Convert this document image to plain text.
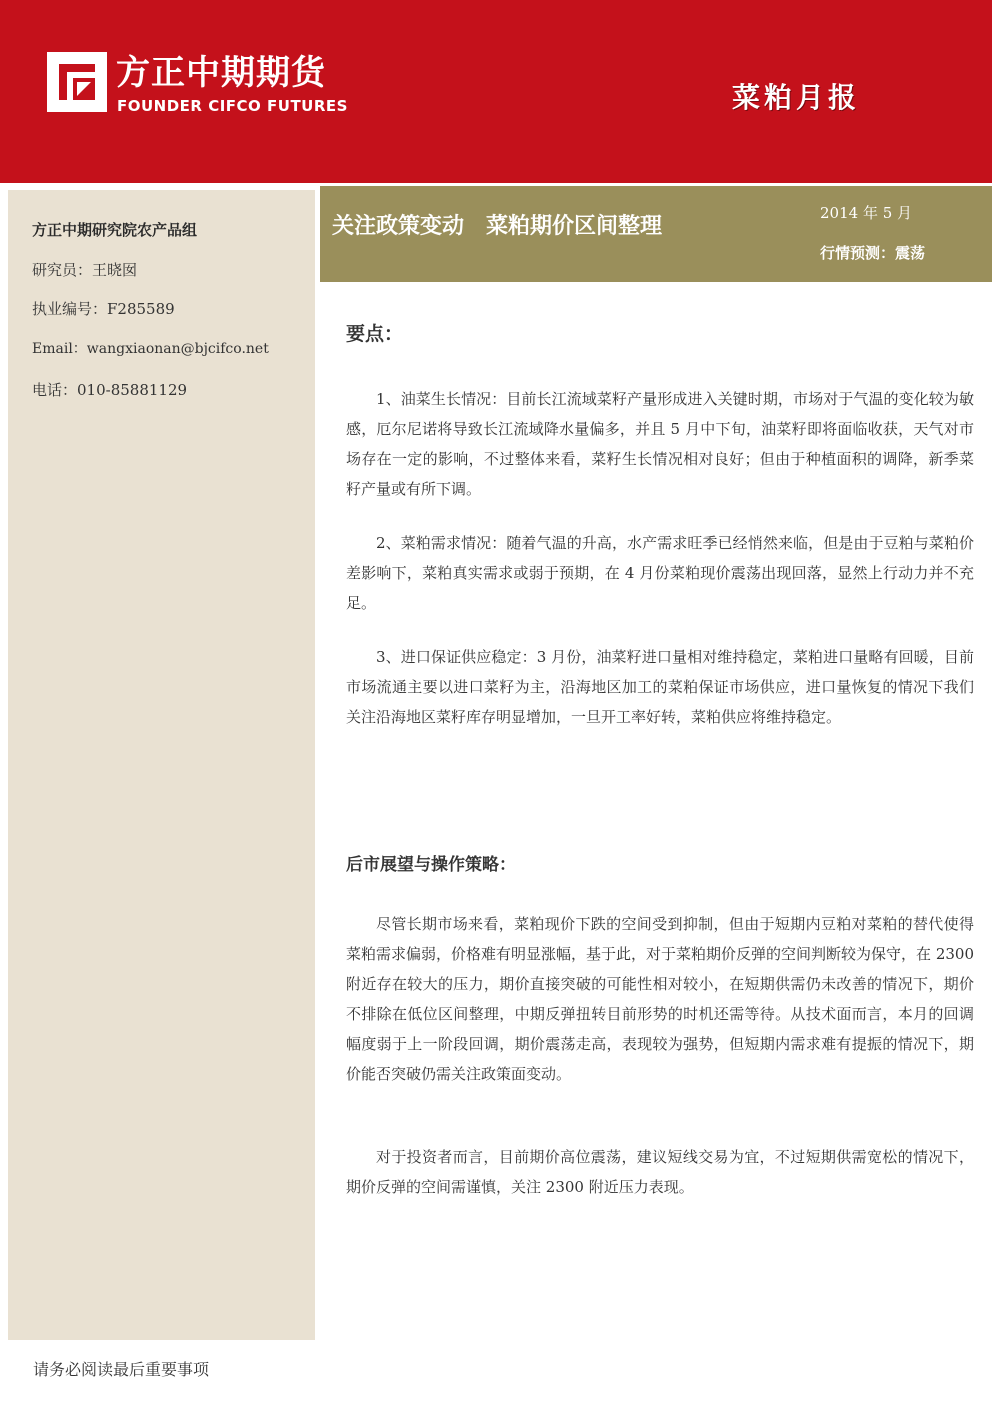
方正中期期货
FOUNDER CIFCO FUTURES	菜粕月报
方正中期研究院农产品组
研究员：王晓囡
执业编号：F285589
Email：wangxiaonan@bjcifco.net
电话：010-85881129
关注政策变动　菜粕期价区间整理
2014 年 5 月
行情预测：震荡
要点：

1、油菜生长情况：目前长江流域菜籽产量形成进入关键时期，市场对于气温的变化较为敏感，厄尔尼诺将导致长江流域降水量偏多，并且 5 月中下旬，油菜籽即将面临收获，天气对市场存在一定的影响，不过整体来看，菜籽生长情况相对良好；但由于种植面积的调降，新季菜籽产量或有所下调。

2、菜粕需求情况：随着气温的升高，水产需求旺季已经悄然来临，但是由于豆粕与菜粕价差影响下，菜粕真实需求或弱于预期，在 4 月份菜粕现价震荡出现回落，显然上行动力并不充足。

3、进口保证供应稳定：3 月份，油菜籽进口量相对维持稳定，菜粕进口量略有回暖，目前市场流通主要以进口菜籽为主，沿海地区加工的菜粕保证市场供应，进口量恢复的情况下我们关注沿海地区菜籽库存明显增加，一旦开工率好转，菜粕供应将维持稳定。

后市展望与操作策略：

尽管长期市场来看，菜粕现价下跌的空间受到抑制，但由于短期内豆粕对菜粕的替代使得菜粕需求偏弱，价格难有明显涨幅，基于此，对于菜粕期价反弹的空间判断较为保守，在 2300 附近存在较大的压力，期价直接突破的可能性相对较小，在短期供需仍未改善的情况下，期价不排除在低位区间整理，中期反弹扭转目前形势的时机还需等待。从技术面而言，本月的回调幅度弱于上一阶段回调，期价震荡走高，表现较为强势，但短期内需求难有提振的情况下，期价能否突破仍需关注政策面变动。

对于投资者而言，目前期价高位震荡，建议短线交易为宜，不过短期供需宽松的情况下，期价反弹的空间需谨慎，关注 2300 附近压力表现。

请务必阅读最后重要事项
